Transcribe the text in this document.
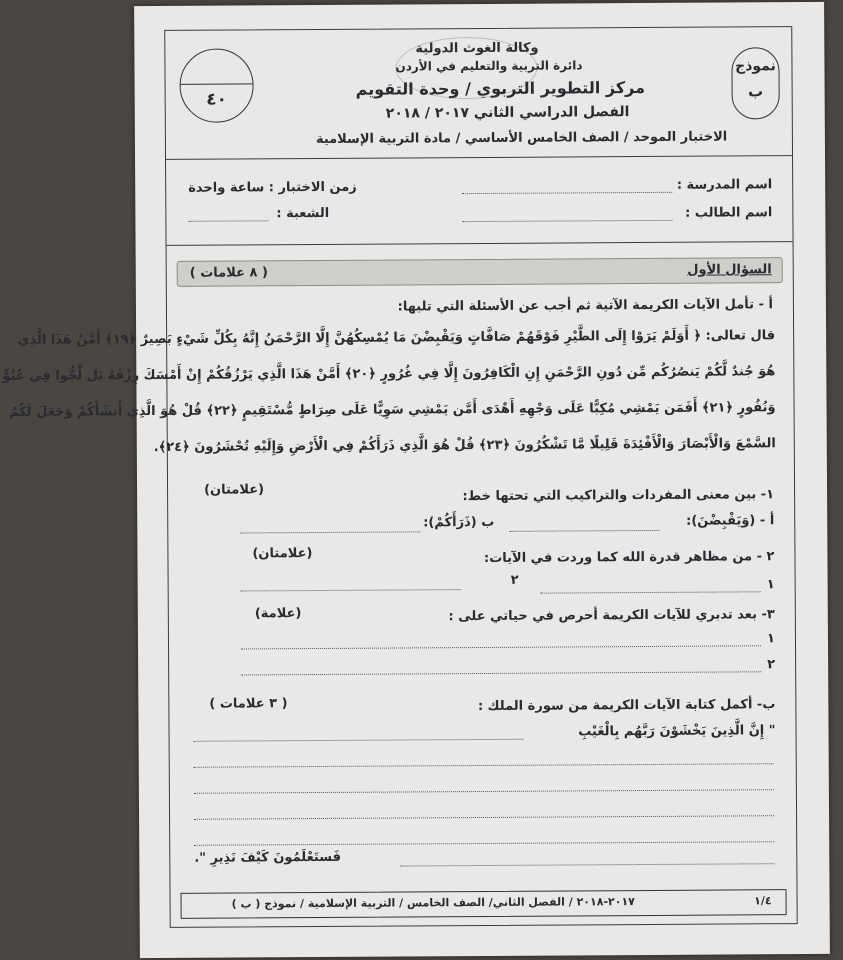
٤٠
نموذج
ب
وكالة الغوث الدولية
دائرة التربية والتعليم في الأردن
مركز التطوير التربوي / وحدة التقويم
الفصل الدراسي الثاني ٢٠١٧ / ٢٠١٨
الاختبار الموحد / الصف الخامس الأساسي / مادة التربية الإسلامية
اسم المدرسة :
اسم الطالب :
زمن الاختبار : ساعة واحدة
الشعبة :
السؤال الأول
( ٨ علامات )
أ - تأمل الآيات الكريمة الآتية ثم أجب عن الأسئلة التي تليها:
قال تعالى: ﴿ أَوَلَمْ يَرَوْا إِلَى الطَّيْرِ فَوْقَهُمْ صَافَّاتٍ وَيَقْبِضْنَ مَا يُمْسِكُهُنَّ إِلَّا الرَّحْمَنُ إِنَّهُ بِكُلِّ شَيْءٍ بَصِيرٌ ﴿١٩﴾ أَمَّنْ هَذَا الَّذِي
هُوَ جُندٌ لَّكُمْ يَنصُرُكُم مِّن دُونِ الرَّحْمَنِ إِنِ الْكَافِرُونَ إِلَّا فِي غُرُورٍ ﴿٢٠﴾ أَمَّنْ هَذَا الَّذِي يَرْزُقُكُمْ إِنْ أَمْسَكَ رِزْقَهُ بَل لَّجُّوا فِي عُتُوٍّ
وَنُفُورٍ ﴿٢١﴾ أَفَمَن يَمْشِي مُكِبًّا عَلَى وَجْهِهِ أَهْدَى أَمَّن يَمْشِي سَوِيًّا عَلَى صِرَاطٍ مُّسْتَقِيمٍ ﴿٢٢﴾ قُلْ هُوَ الَّذِي أَنشَأَكُمْ وَجَعَلَ لَكُمُ
السَّمْعَ وَالْأَبْصَارَ وَالْأَفْئِدَةَ قَلِيلًا مَّا تَشْكُرُونَ ﴿٢٣﴾ قُلْ هُوَ الَّذِي ذَرَأَكُمْ فِي الْأَرْضِ وَإِلَيْهِ تُحْشَرُونَ ﴿٢٤﴾.
١- بين معنى المفردات والتراكيب التي تحتها خط:
(علامتان)
أ - (وَيَقْبِضْنَ):
ب (ذَرَأَكُمْ):
٢ - من مظاهر قدرة الله كما وردت في الآيات:
(علامتان)
١
٢
٣- بعد تدبري للآيات الكريمة أحرص في حياتي على :
(علامة)
١
٢
ب- أكمل كتابة الآيات الكريمة من سورة الملك :
( ٣ علامات )
" إِنَّ الَّذِينَ يَخْشَوْنَ رَبَّهُم بِالْغَيْبِ
فَستَعْلَمُونَ كَيْفَ نَذِيرِ ".
٢٠١٧-٢٠١٨ / الفصل الثاني/ الصف الخامس / التربية الإسلامية / نموذج ( ب )	١/٤
